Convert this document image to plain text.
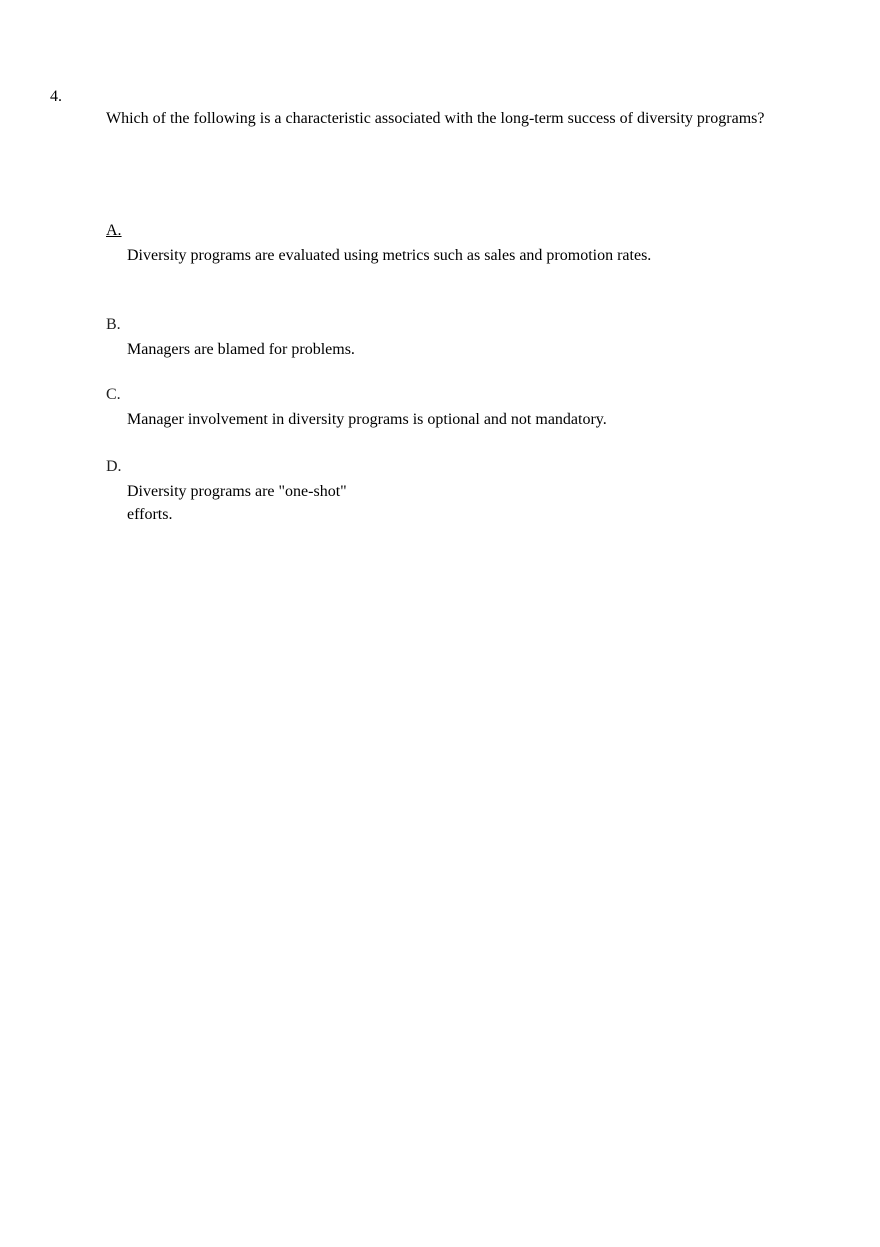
4.
Which of the following is a characteristic associated with the long-term success of diversity programs?
A.
Diversity programs are evaluated using metrics such as sales and promotion rates.
B.
Managers are blamed for problems.
C.
Manager involvement in diversity programs is optional and not mandatory.
D.
Diversity programs are "one-shot" efforts.
